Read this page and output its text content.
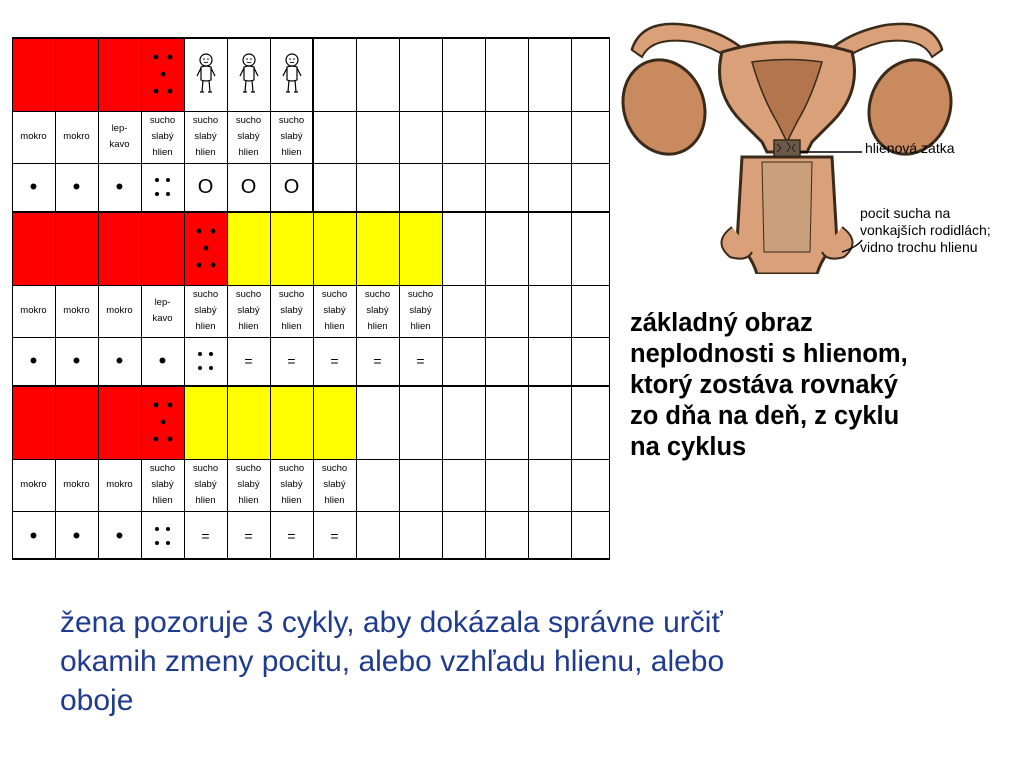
mokro
•
mokro
•
lep-
kavo
•
sucho
slabý
hlien
sucho
slabý
hlien
O
sucho
slabý
hlien
O
sucho
slabý
hlien
O
mokro
•
mokro
•
mokro
•
lep-
kavo
•
sucho
slabý
hlien
sucho
slabý
hlien
=
sucho
slabý
hlien
=
sucho
slabý
hlien
=
sucho
slabý
hlien
=
sucho
slabý
hlien
=
mokro
•
mokro
•
mokro
•
sucho
slabý
hlien
sucho
slabý
hlien
=
sucho
slabý
hlien
=
sucho
slabý
hlien
=
sucho
slabý
hlien
=
hlienová zátka
pocit sucha na
vonkajších rodidlách;
vidno trochu hlienu
základný obraz
neplodnosti s hlienom,
ktorý zostáva rovnaký
zo dňa na deň, z cyklu
na cyklus
žena pozoruje 3 cykly, aby dokázala správne určiť
okamih zmeny pocitu, alebo vzhľadu hlienu, alebo
oboje
